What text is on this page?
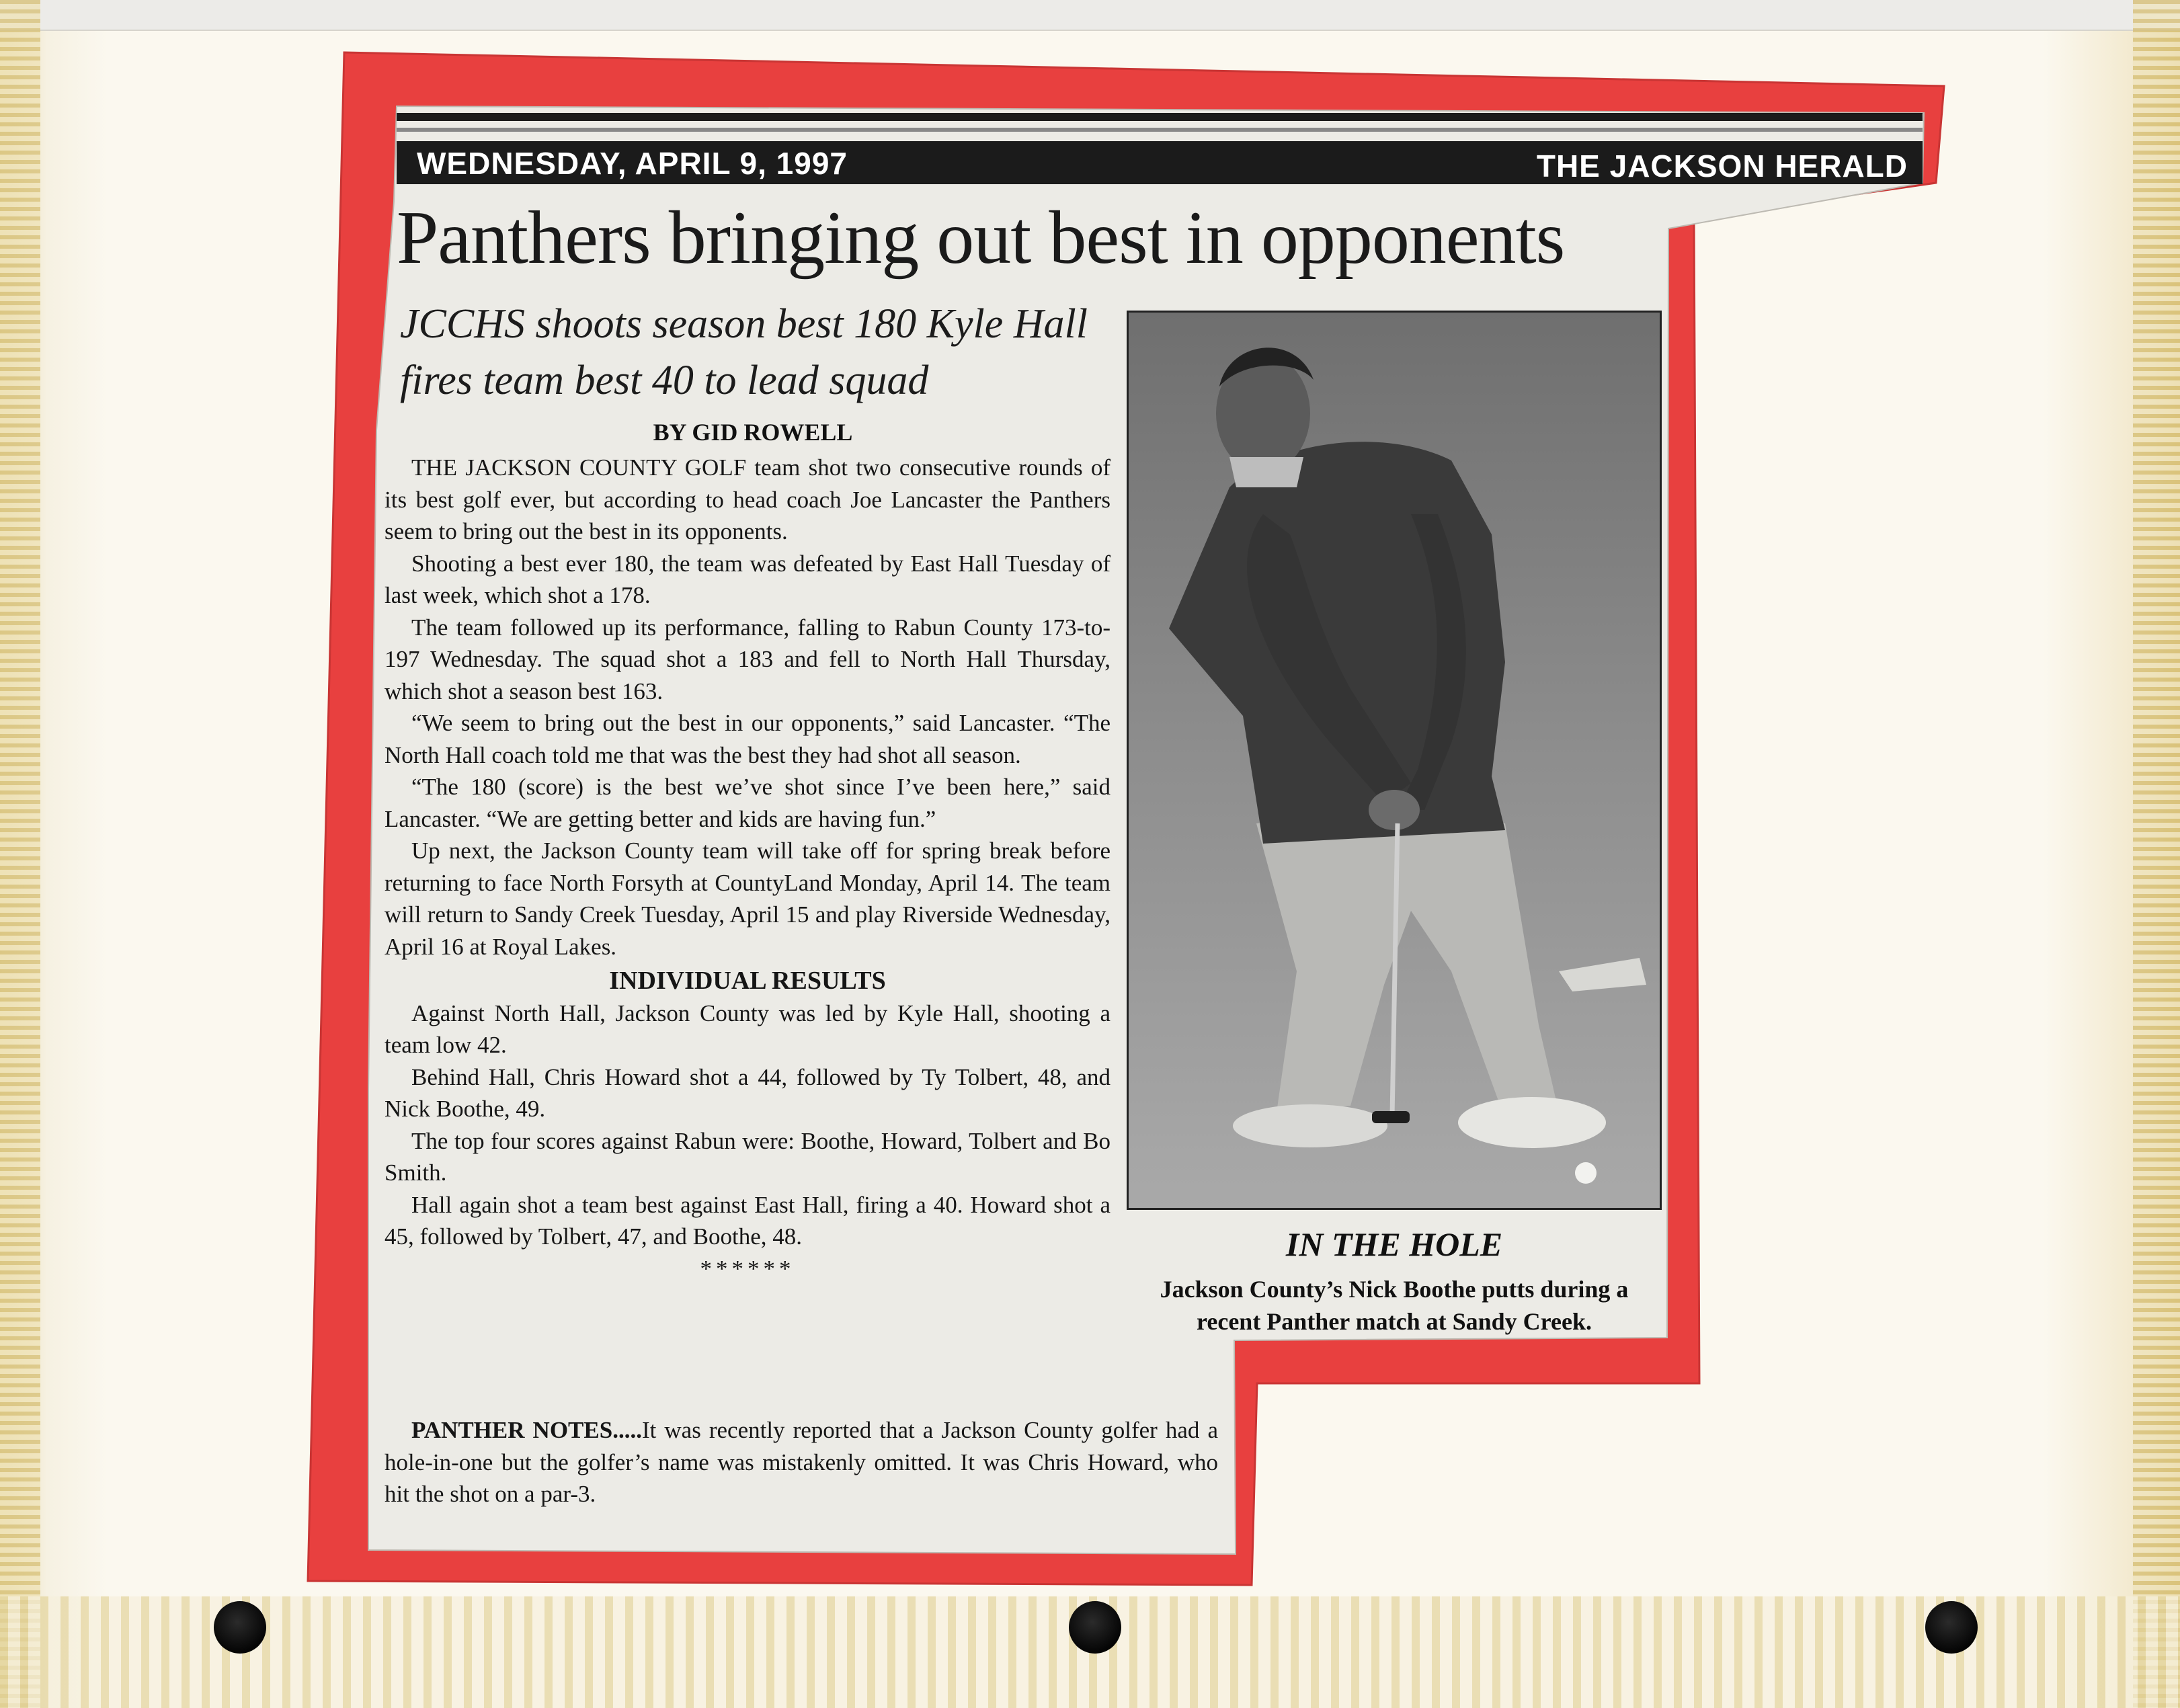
WEDNESDAY, APRIL 9, 1997	THE JACKSON HERALD
Panthers bringing out best in opponents
JCCHS shoots season best 180 Kyle Hall fires team best 40 to lead squad
BY GID ROWELL

THE JACKSON COUNTY GOLF team shot two consecutive rounds of its best golf ever, but according to head coach Joe Lancaster the Panthers seem to bring out the best in its opponents.

Shooting a best ever 180, the team was defeated by East Hall Tuesday of last week, which shot a 178.

The team followed up its performance, falling to Rabun County 173-to-197 Wednesday. The squad shot a 183 and fell to North Hall Thursday, which shot a season best 163.

“We seem to bring out the best in our opponents,” said Lancaster. “The North Hall coach told me that was the best they had shot all season.

“The 180 (score) is the best we’ve shot since I’ve been here,” said Lancaster. “We are getting better and kids are having fun.”

Up next, the Jackson County team will take off for spring break before returning to face North Forsyth at CountyLand Monday, April 14. The team will return to Sandy Creek Tuesday, April 15 and play Riverside Wednesday, April 16 at Royal Lakes.

INDIVIDUAL RESULTS

Against North Hall, Jackson County was led by Kyle Hall, shooting a team low 42.

Behind Hall, Chris Howard shot a 44, followed by Ty Tolbert, 48, and Nick Boothe, 49.

The top four scores against Rabun were: Boothe, Howard, Tolbert and Bo Smith.

Hall again shot a team best against East Hall, firing a 40. Howard shot a 45, followed by Tolbert, 47, and Boothe, 48.

******

PANTHER NOTES.....It was recently reported that a Jackson County golfer had a hole-in-one but the golfer’s name was mistakenly omitted. It was Chris Howard, who hit the shot on a par-3.
IN THE HOLE
Jackson County’s Nick Boothe putts during a recent Panther match at Sandy Creek.
